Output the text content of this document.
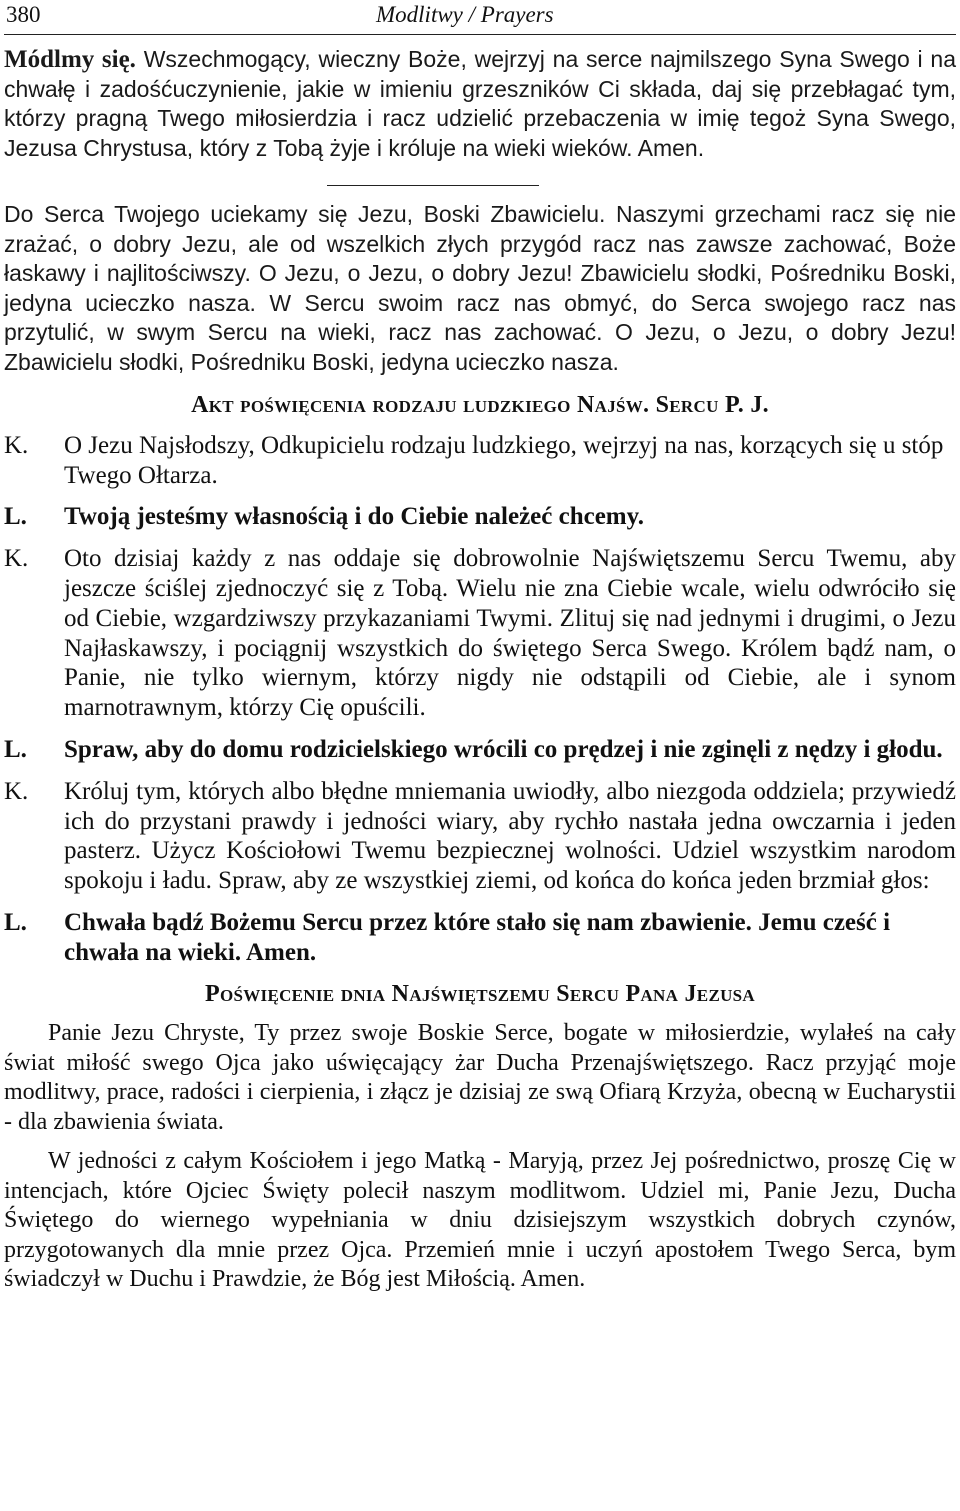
380	Modlitwy / Prayers
Módlmy się. Wszechmogący, wieczny Boże, wejrzyj na serce najmilszego Syna Swego i na chwałę i zadośćuczynienie, jakie w imieniu grzeszników Ci składa, daj się przebłagać tym, którzy pragną Twego miłosierdzia i racz udzielić przebaczenia w imię tegoż Syna Swego, Jezusa Chrystusa, który z Tobą żyje i króluje na wieki wieków. Amen.
Do Serca Twojego uciekamy się Jezu, Boski Zbawicielu. Naszymi grzechami racz się nie zrażać, o dobry Jezu, ale od wszelkich złych przygód racz nas zawsze zachować, Boże łaskawy i najlitościwszy. O Jezu, o Jezu, o dobry Jezu! Zbawicielu słodki, Pośredniku Boski, jedyna ucieczko nasza. W Sercu swoim racz nas obmyć, do Serca swojego racz nas przytulić, w swym Sercu na wieki, racz nas zachować. O Jezu, o Jezu, o dobry Jezu! Zbawicielu słodki, Pośredniku Boski, jedyna ucieczko nasza.
Akt poświęcenia rodzaju ludzkiego Najśw. Sercu P. J.
K.	O Jezu Najsłodszy, Odkupicielu rodzaju ludzkiego, wejrzyj na nas, korzących się u stóp Twego Ołtarza.
L.	Twoją jesteśmy własnością i do Ciebie należeć chcemy.
K.	Oto dzisiaj każdy z nas oddaje się dobrowolnie Najświętszemu Sercu Twemu, aby jeszcze ściślej zjednoczyć się z Tobą. Wielu nie zna Ciebie wcale, wielu odwróciło się od Ciebie, wzgardziwszy przykazaniami Twymi. Zlituj się nad jednymi i drugimi, o Jezu Najłaskawszy, i pociągnij wszystkich do świętego Serca Swego. Królem bądź nam, o Panie, nie tylko wiernym, którzy nigdy nie odstąpili od Ciebie, ale i synom marnotrawnym, którzy Cię opuścili.
L.	Spraw, aby do domu rodzicielskiego wrócili co prędzej i nie zginęli z nędzy i głodu.
K.	Króluj tym, których albo błędne mniemania uwiodły, albo niezgoda oddziela; przywiedź ich do przystani prawdy i jedności wiary, aby rychło nastała jedna owczarnia i jeden pasterz. Użycz Kościołowi Twemu bezpiecznej wolności. Udziel wszystkim narodom spokoju i ładu. Spraw, aby ze wszystkiej ziemi, od końca do końca jeden brzmiał głos:
L.	Chwała bądź Bożemu Sercu przez które stało się nam zbawienie. Jemu cześć i chwała na wieki. Amen.
Poświęcenie dnia Najświętszemu Sercu Pana Jezusa
Panie Jezu Chryste, Ty przez swoje Boskie Serce, bogate w miłosierdzie, wylałeś na cały świat miłość swego Ojca jako uświęcający żar Ducha Przenajświętszego. Racz przyjąć moje modlitwy, prace, radości i cierpienia, i złącz je dzisiaj ze swą Ofiarą Krzyża, obecną w Eucharystii - dla zbawienia świata.
W jedności z całym Kościołem i jego Matką - Maryją, przez Jej pośrednictwo, proszę Cię w intencjach, które Ojciec Święty polecił naszym modlitwom. Udziel mi, Panie Jezu, Ducha Świętego do wiernego wypełniania w dniu dzisiejszym wszystkich dobrych czynów, przygotowanych dla mnie przez Ojca. Przemień mnie i uczyń apostołem Twego Serca, bym świadczył w Duchu i Prawdzie, że Bóg jest Miłością. Amen.
